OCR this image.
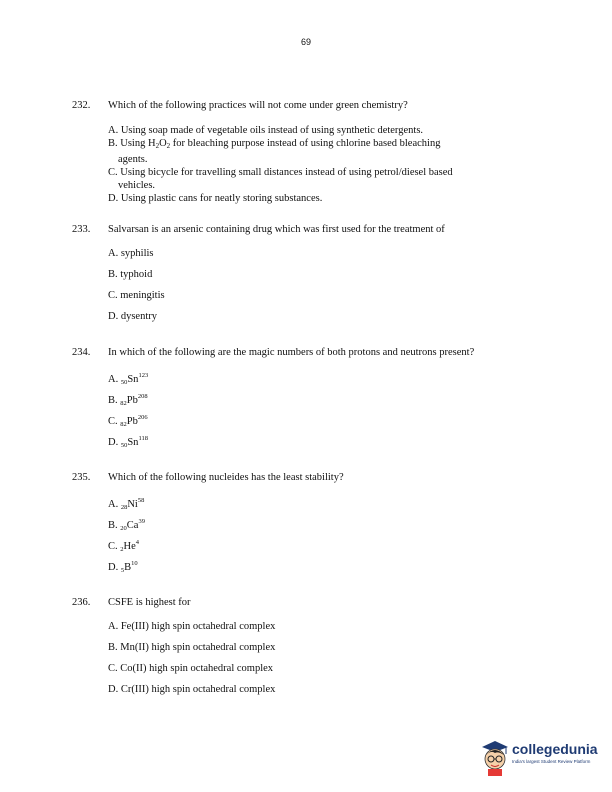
69
232.	Which of the following practices will not come under green chemistry?
A. Using soap made of vegetable oils instead of using synthetic detergents.
B. Using H2O2 for bleaching purpose instead of using chlorine based bleaching
agents.
C. Using bicycle for travelling small distances instead of using petrol/diesel based
vehicles.
D. Using plastic cans for neatly storing substances.
233.	Salvarsan is an arsenic containing drug which was first used for the treatment of
A. syphilis
B. typhoid
C. meningitis
D. dysentry
234.	In which of the following are the magic numbers of both protons and neutrons present?
A. $_{50}Sn^{123}$
B. $_{82}Pb^{208}$
C. $_{82}Pb^{206}$
D. $_{50}Sn^{118}$
235.	Which of the following nucleides has the least stability?
A. $_{28}Ni^{58}$
B. $_{20}Ca^{39}$
C. $_2He^4$
D. $_5B^{10}$
236.	CSFE is highest for
A. Fe(III) high spin octahedral complex
B. Mn(II) high spin octahedral complex
C. Co(II) high spin octahedral complex
D. Cr(III) high spin octahedral complex
collegedunia
India's largest Student Review Platform
